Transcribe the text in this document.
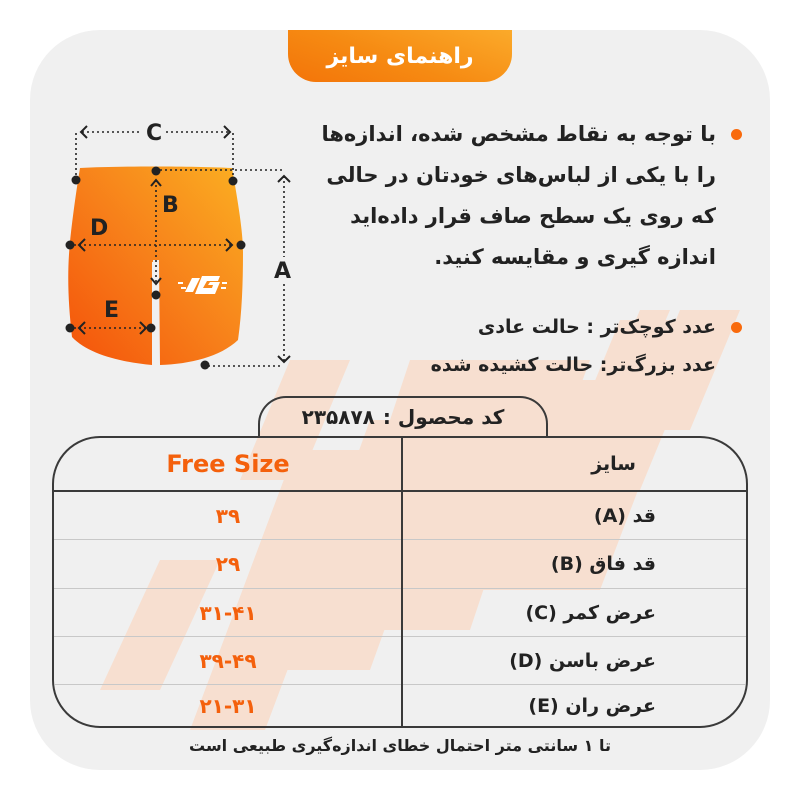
راهنمای سایز
C
B
D
A
E
با توجه به نقاط مشخص شده، اندازه‌ها
را با یکی از لباس‌های خودتان در حالی
که روی یک سطح صاف قرار داده‌اید
اندازه گیری و مقایسه کنید.
عدد کوچک‌تر : حالت عادی
عدد بزرگ‌تر: حالت کشیده شده
کد محصول :
۲۳۵۸۷۸
سایز
Free Size
قد (A)
۳۹
قد فاق (B)
۲۹
عرض کمر (C)
۳۱-۴۱
عرض باسن (D)
۳۹-۴۹
عرض ران (E)
۲۱-۳۱
تا ۱ سانتی متر احتمال خطای اندازه‌گیری طبیعی است
